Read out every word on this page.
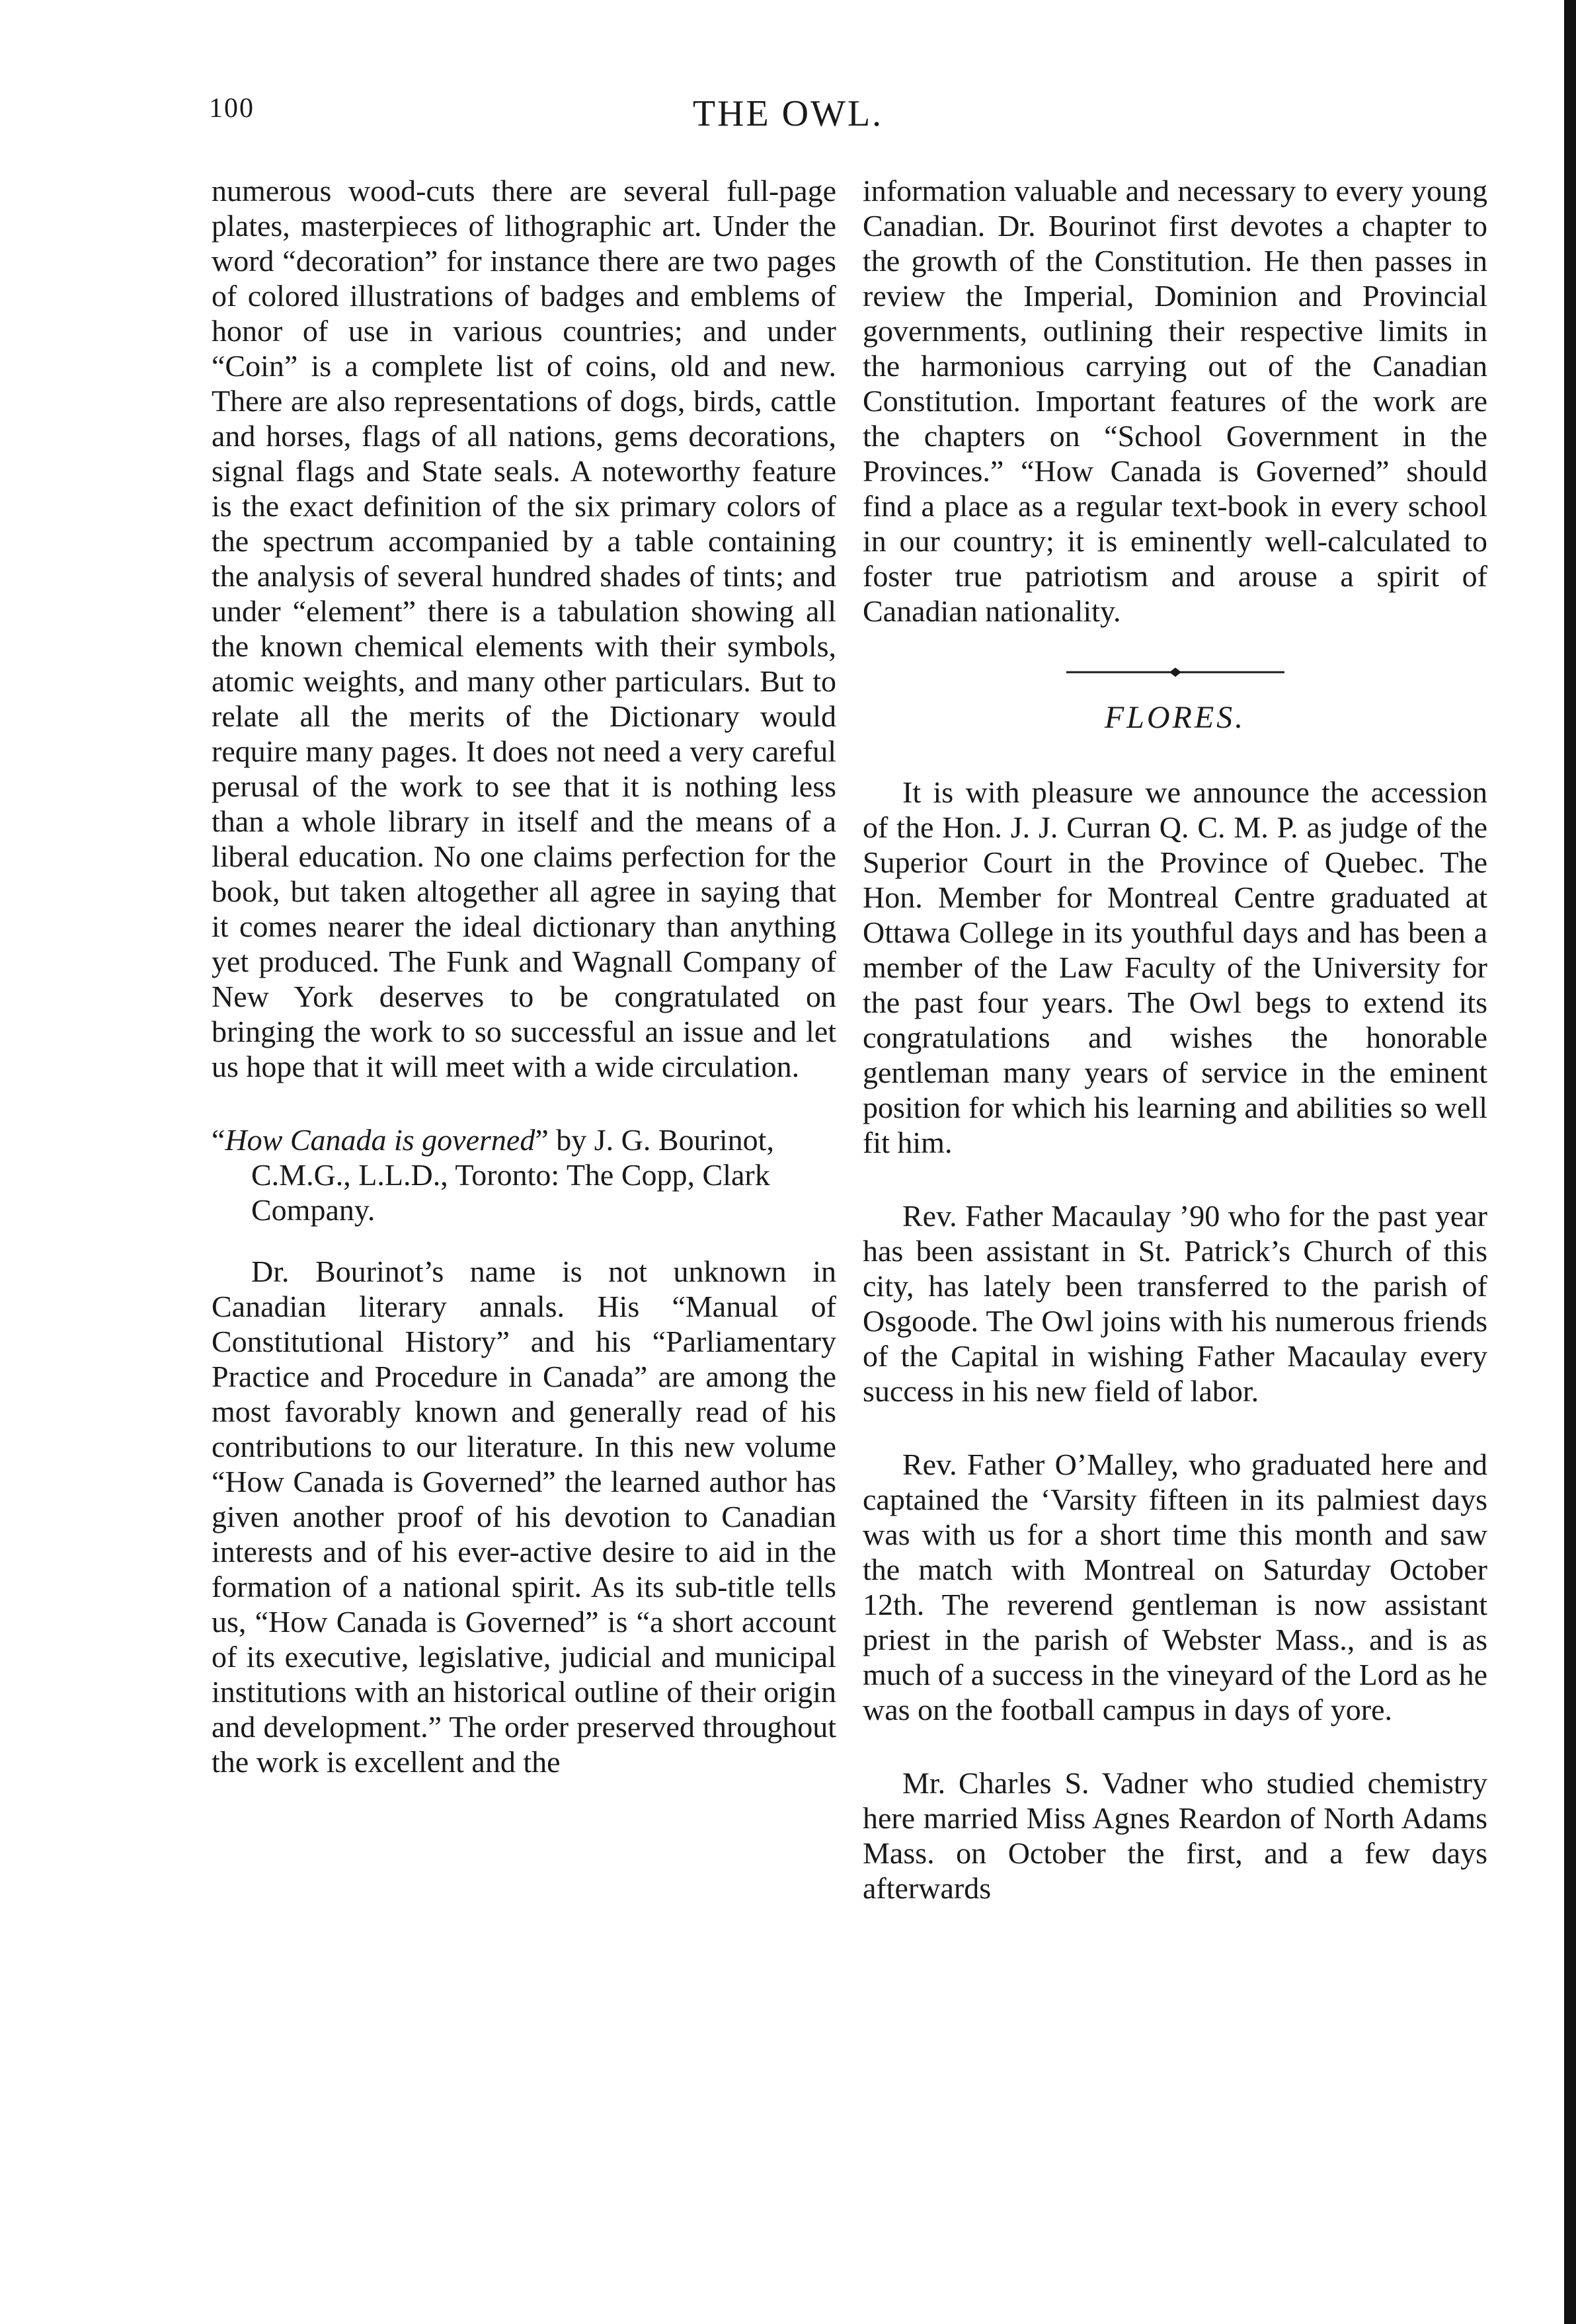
100	THE OWL.

numerous wood-cuts there are several full-page plates, masterpieces of lithographic art. Under the word “decoration” for instance there are two pages of colored illustrations of badges and emblems of honor of use in various countries; and under “Coin” is a complete list of coins, old and new. There are also representations of dogs, birds, cattle and horses, flags of all nations, gems decorations, signal flags and State seals. A noteworthy feature is the exact definition of the six primary colors of the spectrum accompanied by a table containing the analysis of several hundred shades of tints; and under “element” there is a tabulation showing all the known chemical elements with their symbols, atomic weights, and many other particulars. But to relate all the merits of the Dictionary would require many pages. It does not need a very careful perusal of the work to see that it is nothing less than a whole library in itself and the means of a liberal education. No one claims perfection for the book, but taken altogether all agree in saying that it comes nearer the ideal dictionary than anything yet produced. The Funk and Wagnall Company of New York deserves to be congratulated on bringing the work to so successful an issue and let us hope that it will meet with a wide circulation.

“How Canada is governed” by J. G. Bourinot, C.M.G., L.L.D., Toronto: The Copp, Clark Company.

Dr. Bourinot’s name is not unknown in Canadian literary annals. His “Manual of Constitutional History” and his “Parliamentary Practice and Procedure in Canada” are among the most favorably known and generally read of his contributions to our literature. In this new volume “How Canada is Governed” the learned author has given another proof of his devotion to Canadian interests and of his ever-active desire to aid in the formation of a national spirit. As its sub-title tells us, “How Canada is Governed” is “a short account of its executive, legislative, judicial and municipal institutions with an historical outline of their origin and development.” The order preserved throughout the work is excellent and the

information valuable and necessary to every young Canadian. Dr. Bourinot first devotes a chapter to the growth of the Constitution. He then passes in review the Imperial, Dominion and Provincial governments, outlining their respective limits in the harmonious carrying out of the Canadian Constitution. Important features of the work are the chapters on “School Government in the Provinces.” “How Canada is Governed” should find a place as a regular text-book in every school in our country; it is eminently well-calculated to foster true patriotism and arouse a spirit of Canadian nationality.

FLORES.

It is with pleasure we announce the accession of the Hon. J. J. Curran Q. C. M. P. as judge of the Superior Court in the Province of Quebec. The Hon. Member for Montreal Centre graduated at Ottawa College in its youthful days and has been a member of the Law Faculty of the University for the past four years. The Owl begs to extend its congratulations and wishes the honorable gentleman many years of service in the eminent position for which his learning and abilities so well fit him.

Rev. Father Macaulay ’90 who for the past year has been assistant in St. Patrick’s Church of this city, has lately been transferred to the parish of Osgoode. The Owl joins with his numerous friends of the Capital in wishing Father Macaulay every success in his new field of labor.

Rev. Father O’Malley, who graduated here and captained the ‘Varsity fifteen in its palmiest days was with us for a short time this month and saw the match with Montreal on Saturday October 12th. The reverend gentleman is now assistant priest in the parish of Webster Mass., and is as much of a success in the vineyard of the Lord as he was on the football campus in days of yore.

Mr. Charles S. Vadner who studied chemistry here married Miss Agnes Reardon of North Adams Mass. on October the first, and a few days afterwards
